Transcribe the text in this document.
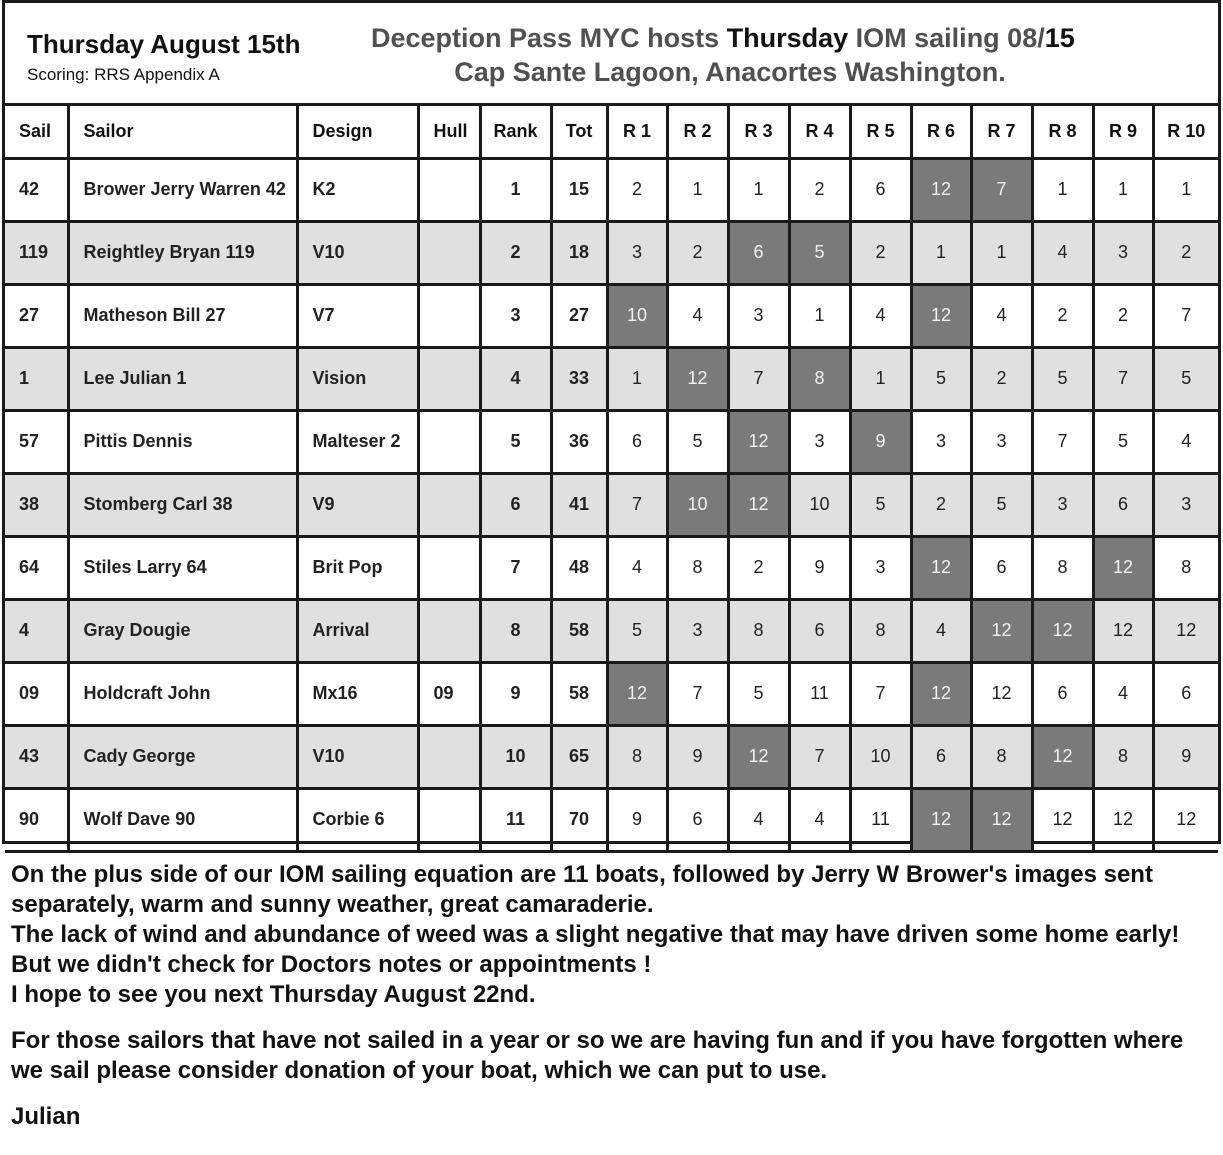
Thursday August 15th
Scoring: RRS Appendix A
Deception Pass MYC hosts Thursday IOM sailing 08/15
Cap Sante Lagoon, Anacortes Washington.
Sail	Sailor	Design	Hull	Rank	Tot	R 1	R 2	R 3	R 4	R 5	R 6	R 7	R 8	R 9	R 10
42	Brower Jerry Warren 42	K2		1	15	2	1	1	2	6	12	7	1	1	1
119	Reightley Bryan 119	V10		2	18	3	2	6	5	2	1	1	4	3	2
27	Matheson Bill 27	V7		3	27	10	4	3	1	4	12	4	2	2	7
1	Lee Julian 1	Vision		4	33	1	12	7	8	1	5	2	5	7	5
57	Pittis Dennis	Malteser 2		5	36	6	5	12	3	9	3	3	7	5	4
38	Stomberg Carl 38	V9		6	41	7	10	12	10	5	2	5	3	6	3
64	Stiles Larry 64	Brit Pop		7	48	4	8	2	9	3	12	6	8	12	8
4	Gray Dougie	Arrival		8	58	5	3	8	6	8	4	12	12	12	12
09	Holdcraft John	Mx16	09	9	58	12	7	5	11	7	12	12	6	4	6
43	Cady George	V10		10	65	8	9	12	7	10	6	8	12	8	9
90	Wolf Dave 90	Corbie 6		11	70	9	6	4	4	11	12	12	12	12	12

On the plus side of our IOM sailing equation are 11 boats, followed by Jerry W Brower's images sent separately, warm and sunny weather, great camaraderie.

The lack of wind and abundance of weed was a slight negative that may have driven some home early! But we didn't check for Doctors notes or appointments !

I hope to see you next Thursday August 22nd.

For those sailors that have not sailed in a year or so we are having fun and if you have forgotten where we sail please consider donation of your boat, which we can put to use.

Julian
